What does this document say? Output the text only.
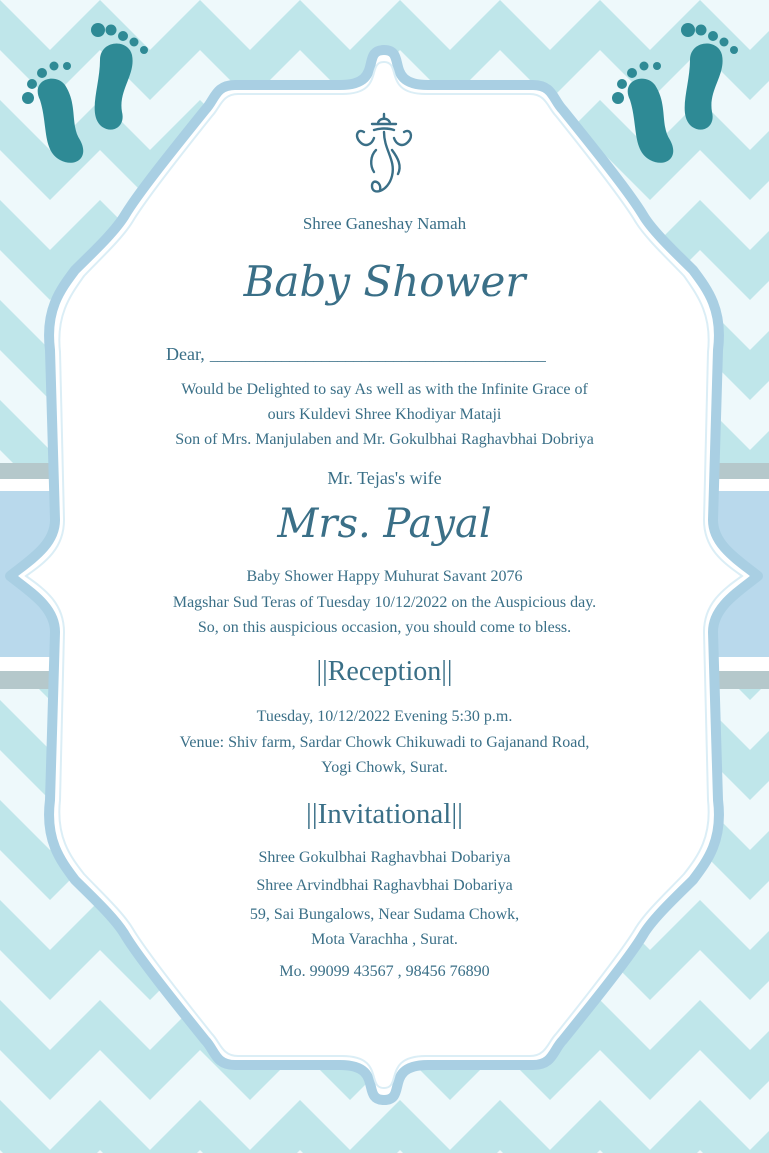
Shree Ganeshay Namah

Baby Shower

Dear, __________________________________________

Would be Delighted to say As well as with the Infinite Grace of

ours Kuldevi Shree Khodiyar Mataji

Son of Mrs. Manjulaben and Mr. Gokulbhai Raghavbhai Dobriya

Mr. Tejas's wife

Mrs. Payal

Baby Shower Happy Muhurat Savant 2076

Magshar Sud Teras of Tuesday 10/12/2022 on the Auspicious day.

So, on this auspicious occasion, you should come to bless.

||Reception||

Tuesday, 10/12/2022 Evening 5:30 p.m.

Venue: Shiv farm, Sardar Chowk Chikuwadi to Gajanand Road,

Yogi Chowk, Surat.

||Invitational||

Shree Gokulbhai Raghavbhai Dobariya

Shree Arvindbhai Raghavbhai Dobariya

59, Sai Bungalows, Near Sudama Chowk,

Mota Varachha , Surat.

Mo. 99099 43567 , 98456 76890
